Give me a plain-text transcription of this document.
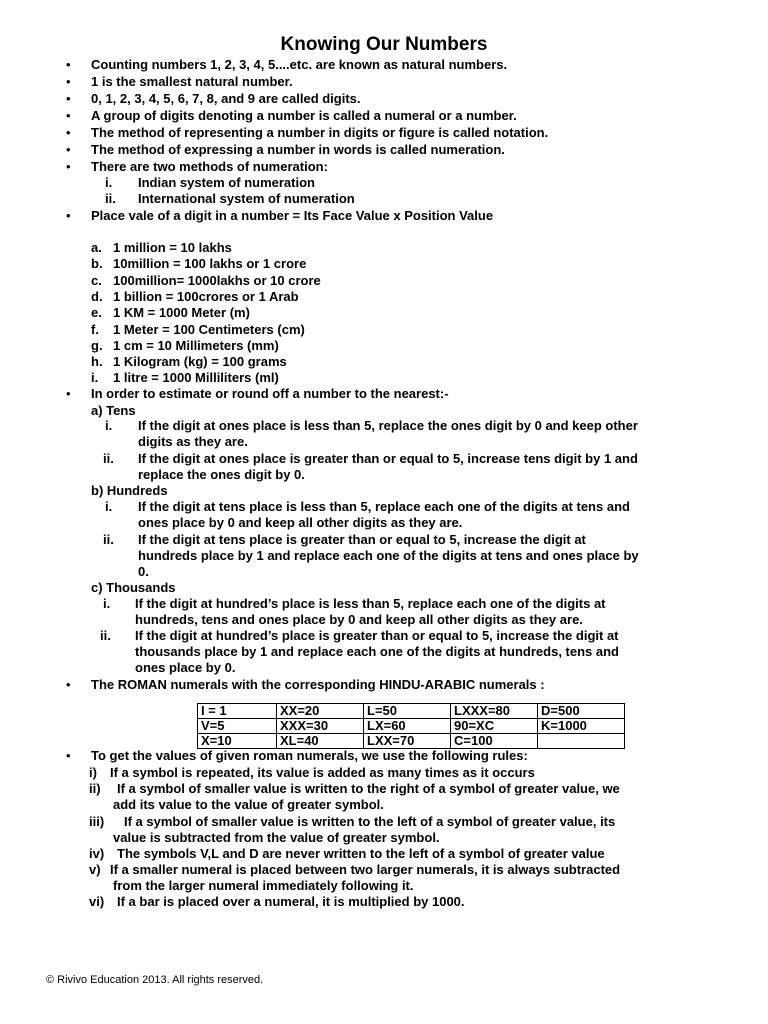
Knowing Our Numbers
• Counting numbers 1, 2, 3, 4, 5....etc. are known as natural numbers.
• 1 is the smallest natural number.
• 0, 1, 2, 3, 4, 5, 6, 7, 8, and 9 are called digits.
• A group of digits denoting a number is called a numeral or a number.
• The method of representing a number in digits or figure is called notation.
• The method of expressing a number in words is called numeration.
• There are two methods of numeration:
i. Indian system of numeration
ii. International system of numeration
• Place vale of a digit in a number = Its Face Value x Position Value
a. 1 million = 10 lakhs
b. 10million = 100 lakhs or 1 crore
c. 100million= 1000lakhs or 10 crore
d. 1 billion = 100crores or 1 Arab
e. 1 KM = 1000 Meter (m)
f. 1 Meter = 100 Centimeters (cm)
g. 1 cm = 10 Millimeters (mm)
h. 1 Kilogram (kg) = 100 grams
i. 1 litre = 1000 Milliliters (ml)
• In order to estimate or round off a number to the nearest:-
a) Tens
i. If the digit at ones place is less than 5, replace the ones digit by 0 and keep other
digits as they are.
ii. If the digit at ones place is greater than or equal to 5, increase tens digit by 1 and
replace the ones digit by 0.
b) Hundreds
i. If the digit at tens place is less than 5, replace each one of the digits at tens and
ones place by 0 and keep all other digits as they are.
ii. If the digit at tens place is greater than or equal to 5, increase the digit at
hundreds place by 1 and replace each one of the digits at tens and ones place by
0.
c) Thousands
i. If the digit at hundred’s place is less than 5, replace each one of the digits at
hundreds, tens and ones place by 0 and keep all other digits as they are.
ii. If the digit at hundred’s place is greater than or equal to 5, increase the digit at
thousands place by 1 and replace each one of the digits at hundreds, tens and
ones place by 0.
• The ROMAN numerals with the corresponding HINDU-ARABIC numerals :
• To get the values of given roman numerals, we use the following rules:
i) If a symbol is repeated, its value is added as many times as it occurs
ii) If a symbol of smaller value is written to the right of a symbol of greater value, we
add its value to the value of greater symbol.
iii) If a symbol of smaller value is written to the left of a symbol of greater value, its
value is subtracted from the value of greater symbol.
iv) The symbols V,L and D are never written to the left of a symbol of greater value
v) If a smaller numeral is placed between two larger numerals, it is always subtracted
from the larger numeral immediately following it.
vi) If a bar is placed over a numeral, it is multiplied by 1000.
I = 1	XX=20	L=50	LXXX=80	D=500
V=5	XXX=30	LX=60	90=XC	K=1000
X=10	XL=40	LXX=70	C=100	
© Rivivo Education 2013. All rights reserved.
